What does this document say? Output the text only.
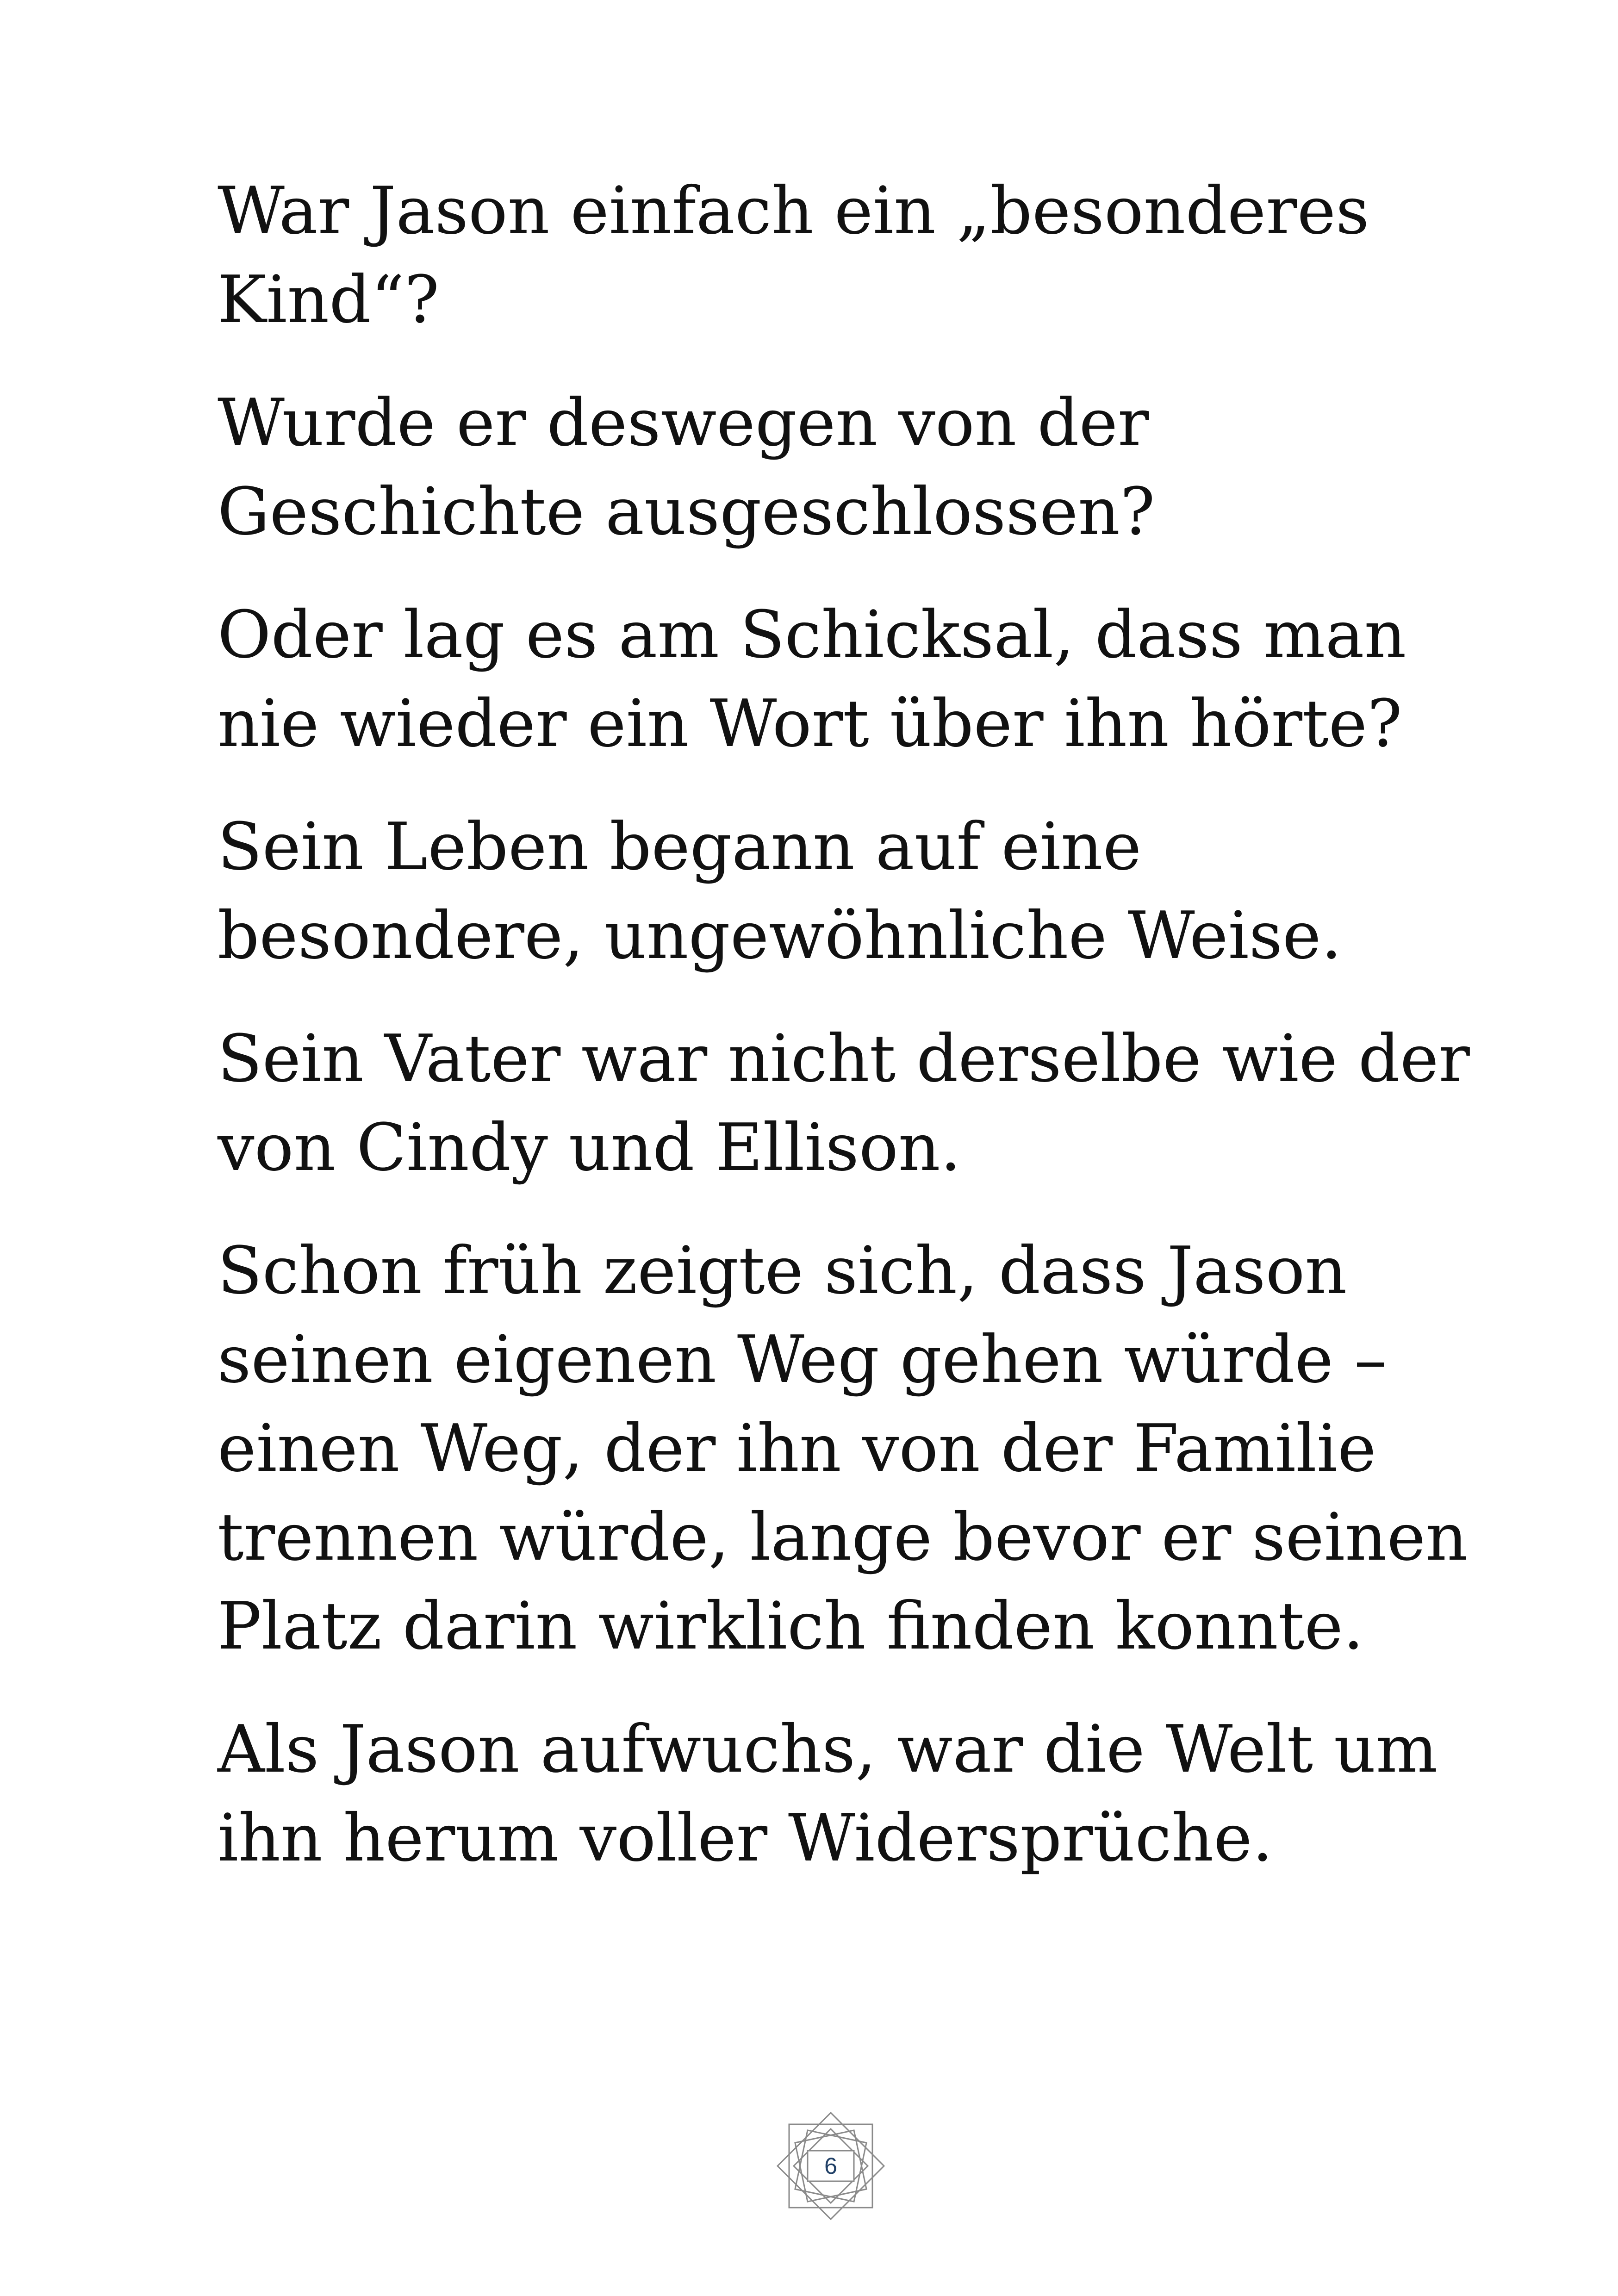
War Jason einfach ein „besonderes Kind“?

Wurde er deswegen von der Geschichte ausgeschlossen?

Oder lag es am Schicksal, dass man nie wieder ein Wort über ihn hörte?

Sein Leben begann auf eine besondere, ungewöhnliche Weise.

Sein Vater war nicht derselbe wie der von Cindy und Ellison.

Schon früh zeigte sich, dass Jason seinen eigenen Weg gehen würde – einen Weg, der ihn von der Familie trennen würde, lange bevor er seinen Platz darin wirklich finden konnte.

Als Jason aufwuchs, war die Welt um ihn herum voller Widersprüche.

6
